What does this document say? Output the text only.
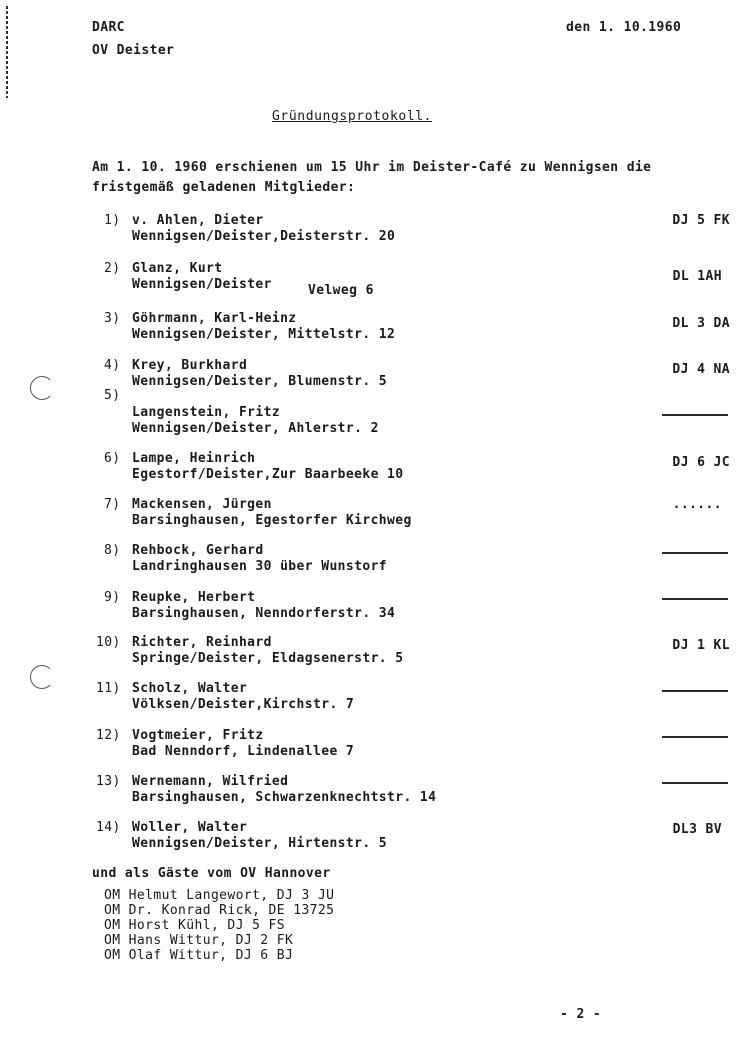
DARC
OV Deister
den 1. 10.1960
Gründungsprotokoll.
Am 1. 10. 1960 erschienen um 15 Uhr im Deister-Café zu Wennigsen die
fristgemäß geladenen Mitglieder:
1) v. Ahlen, Dieter
Wennigsen/Deister,Deisterstr. 20
DJ 5 FK
2) Glanz, Kurt
Wennigsen/Deister	Velweg 6
DL 1AH
3) Göhrmann, Karl-Heinz
Wennigsen/Deister, Mittelstr. 12
DL 3 DA
4) Krey, Burkhard
Wennigsen/Deister, Blumenstr. 5
DJ 4 NA
5)
Langenstein, Fritz
Wennigsen/Deister, Ahlerstr. 2
6) Lampe, Heinrich
Egestorf/Deister,Zur Baarbeeke 10
DJ 6 JC
7) Mackensen, Jürgen
Barsinghausen, Egestorfer Kirchweg
......
8) Rehbock, Gerhard
Landringhausen 30 über Wunstorf
9) Reupke, Herbert
Barsinghausen, Nenndorferstr. 34
10) Richter, Reinhard
Springe/Deister, Eldagsenerstr. 5
DJ 1 KL
11) Scholz, Walter
Völksen/Deister,Kirchstr. 7
12) Vogtmeier, Fritz
Bad Nenndorf, Lindenallee 7
13) Wernemann, Wilfried
Barsinghausen, Schwarzenknechtstr. 14
14) Woller, Walter
Wennigsen/Deister, Hirtenstr. 5
DL3 BV
und als Gäste vom OV Hannover
OM Helmut Langewort, DJ 3 JU
OM Dr. Konrad Rick, DE 13725
OM Horst Kühl, DJ 5 FS
OM Hans Wittur, DJ 2 FK
OM Olaf Wittur, DJ 6 BJ
- 2 -
